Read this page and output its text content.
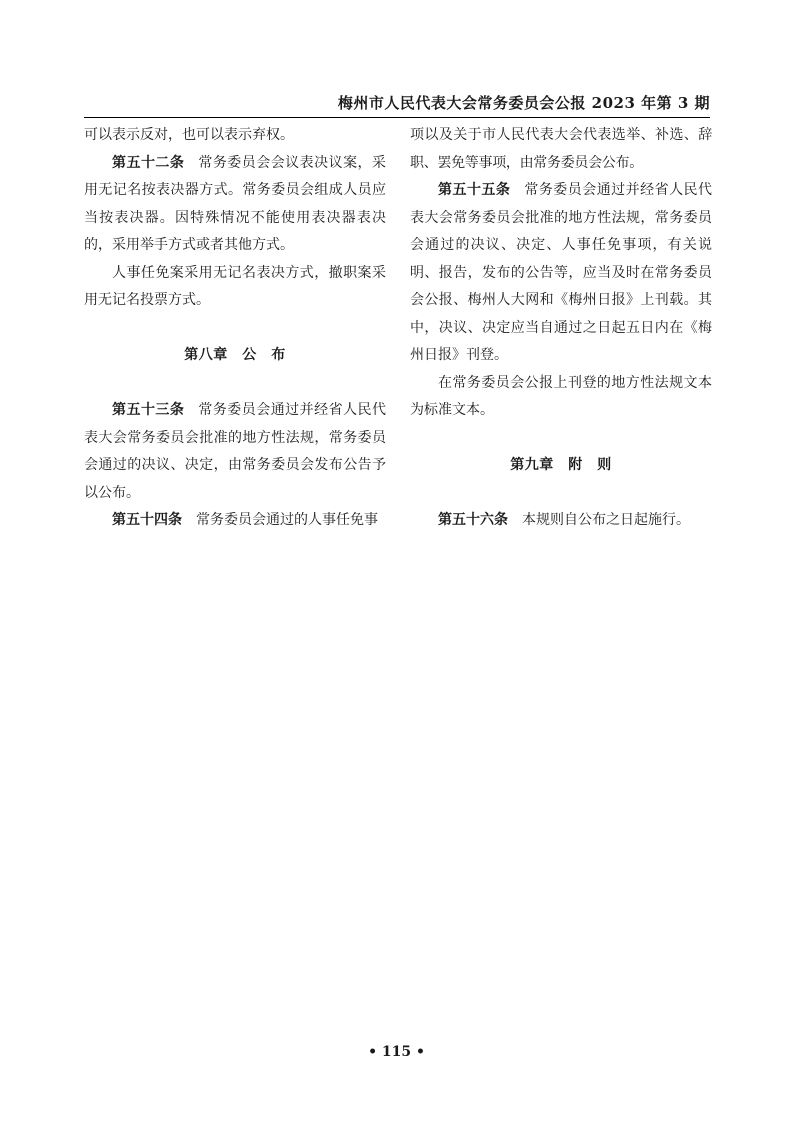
梅州市人民代表大会常务委员会公报 2023 年第 3 期

可以表示反对，也可以表示弃权。

第五十二条 常务委员会会议表决议案，采用无记名按表决器方式。常务委员会组成人员应当按表决器。因特殊情况不能使用表决器表决的，采用举手方式或者其他方式。

人事任免案采用无记名表决方式，撤职案采用无记名投票方式。

第八章　公　布

第五十三条 常务委员会通过并经省人民代表大会常务委员会批准的地方性法规，常务委员会通过的决议、决定，由常务委员会发布公告予以公布。

第五十四条 常务委员会通过的人事任免事

项以及关于市人民代表大会代表选举、补选、辞职、罢免等事项，由常务委员会公布。

第五十五条 常务委员会通过并经省人民代表大会常务委员会批准的地方性法规，常务委员会通过的决议、决定、人事任免事项，有关说明、报告，发布的公告等，应当及时在常务委员会公报、梅州人大网和《梅州日报》上刊载。其中，决议、决定应当自通过之日起五日内在《梅州日报》刊登。

在常务委员会公报上刊登的地方性法规文本为标准文本。

第九章　附　则

第五十六条 本规则自公布之日起施行。

• 115 •
